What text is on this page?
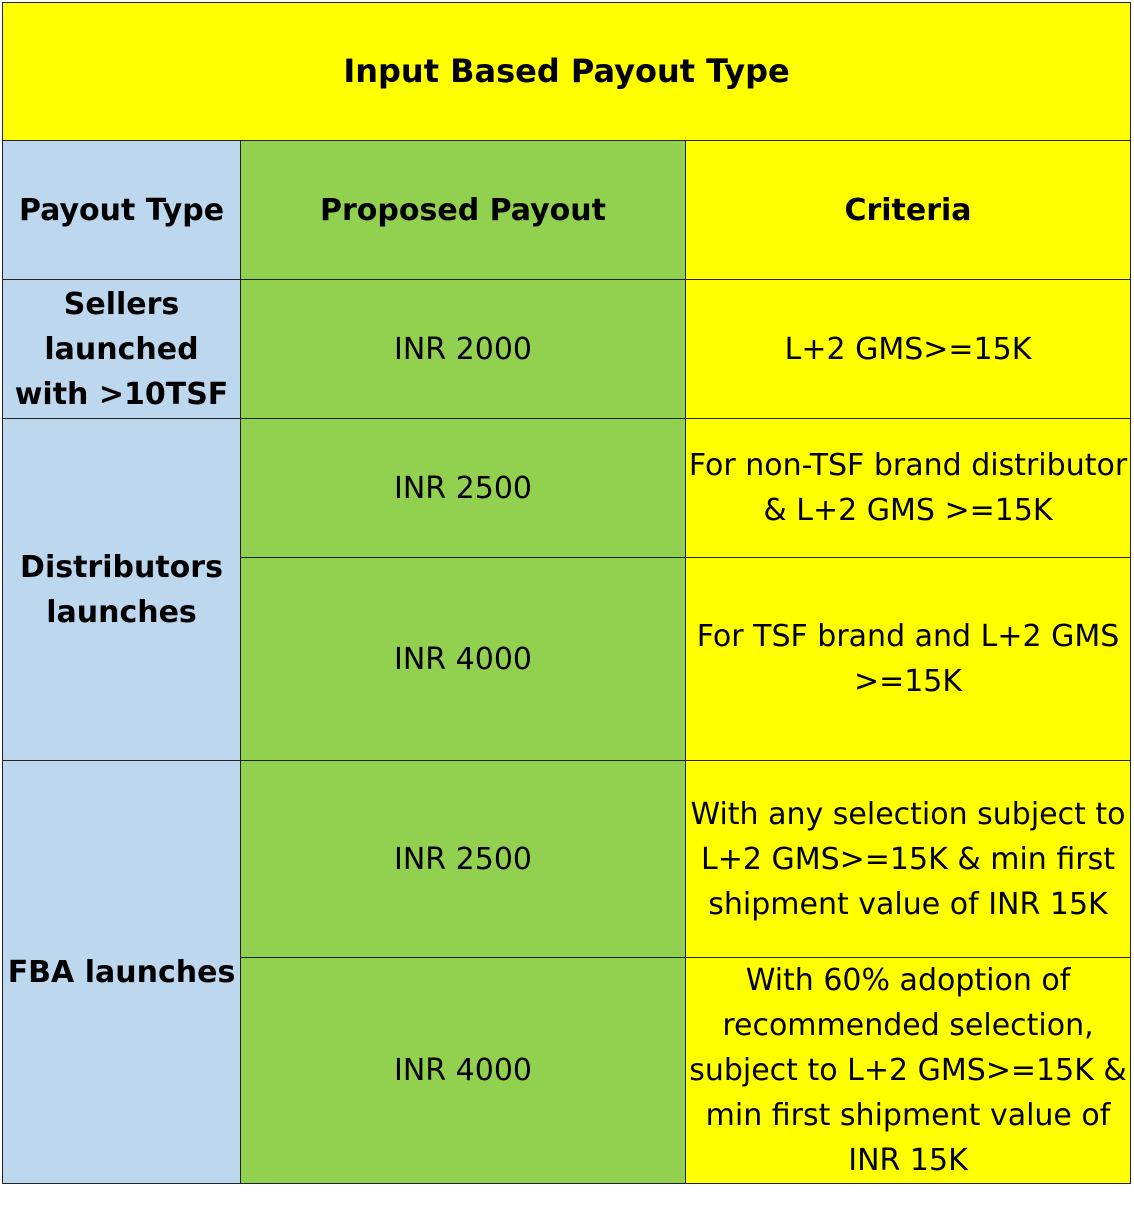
Input Based Payout Type		
Payout Type	Proposed Payout	Criteria
Sellers launched with >10TSF	INR 2000	L+2 GMS>=15K
Distributors launches	INR 2500	For non-TSF brand distributor & L+2 GMS >=15K
	INR 4000	For TSF brand and L+2 GMS >=15K
FBA launches	INR 2500	With any selection subject to L+2 GMS>=15K & min first shipment value of INR 15K
	INR 4000	With 60% adoption of recommended selection, subject to L+2 GMS>=15K & min first shipment value of INR 15K
